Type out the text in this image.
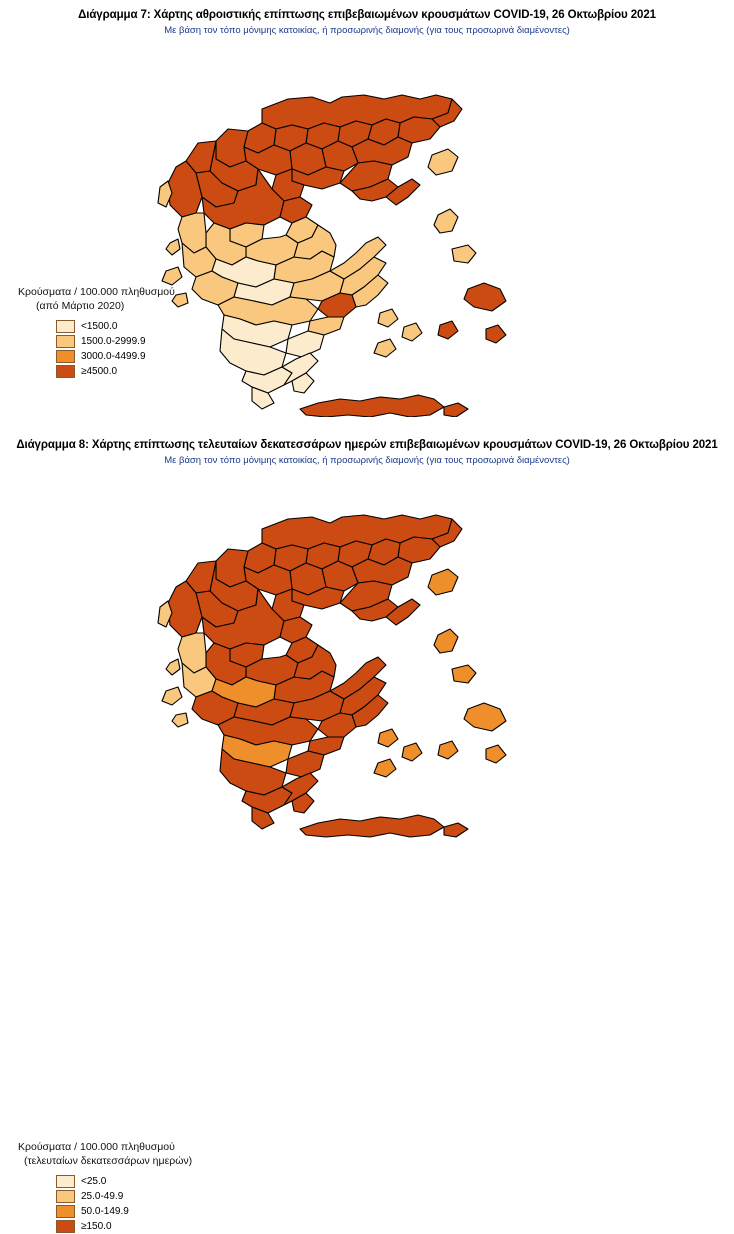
Διάγραμμα 7: Χάρτης αθροιστικής επίπτωσης επιβεβαιωμένων κρουσμάτων COVID-19, 26 Οκτωβρίου 2021
Με βάση τον τόπο μόνιμης κατοικίας, ή προσωρινής διαμονής (για τους προσωρινά διαμένοντες)
Κρούσματα / 100.000 πληθυσμού
(από Μάρτιο 2020)
<1500.0
1500.0-2999.9
3000.0-4499.9
≥4500.0
Διάγραμμα 8: Χάρτης επίπτωσης τελευταίων δεκατεσσάρων ημερών επιβεβαιωμένων κρουσμάτων COVID-19, 26 Οκτωβρίου 2021
Με βάση τον τόπο μόνιμης κατοικίας, ή προσωρινής διαμονής (για τους προσωρινά διαμένοντες)
Κρούσματα / 100.000 πληθυσμού
(τελευταίων δεκατεσσάρων ημερών)
<25.0
25.0-49.9
50.0-149.9
≥150.0
